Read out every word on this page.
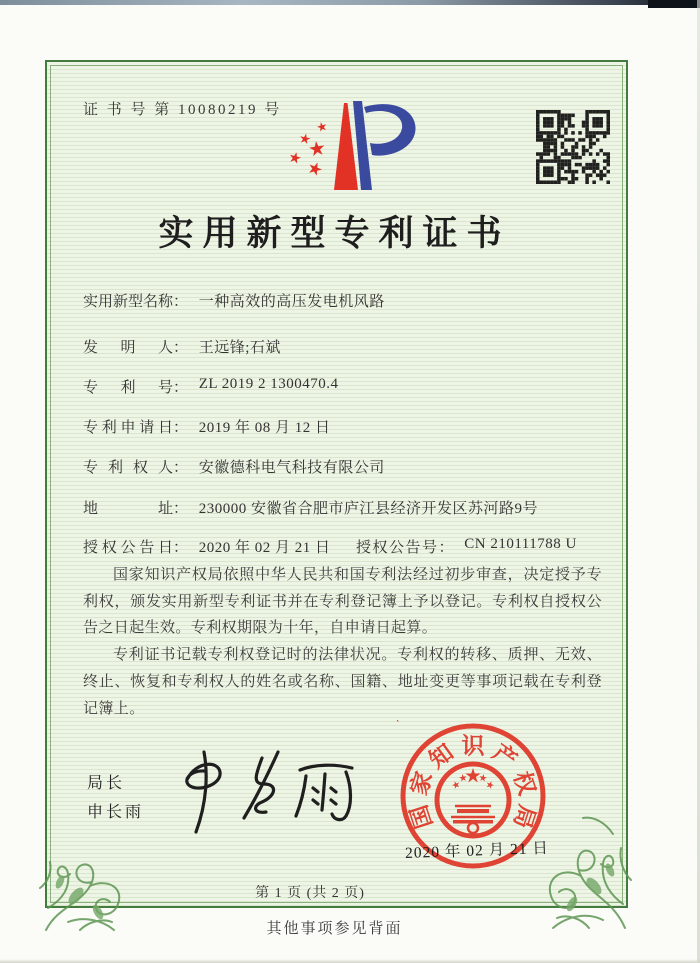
证 书 号 第 10080219 号
实用新型专利证书
实用新型名称： 一种高效的高压发电机风路
发明人： 王远锋;石斌
专利号： ZL 2019 2 1300470.4
专利申请日： 2019 年 08 月 12 日
专利权人： 安徽德科电气科技有限公司
地址： 230000 安徽省合肥市庐江县经济开发区苏河路9号
授权公告日： 2020 年 02 月 21 日 授权公告号： CN 210111788 U

国家知识产权局依照中华人民共和国专利法经过初步审查，决定授予专利权，颁发实用新型专利证书并在专利登记簿上予以登记。专利权自授权公告之日起生效。专利权期限为十年，自申请日起算。

专利证书记载专利权登记时的法律状况。专利权的转移、质押、无效、终止、恢复和专利权人的姓名或名称、国籍、地址变更等事项记载在专利登记簿上。

局长
申长雨	国
家
知 识 产
权
局
2020 年 02 月 21 日
第 1 页 (共 2 页)
其他事项参见背面
